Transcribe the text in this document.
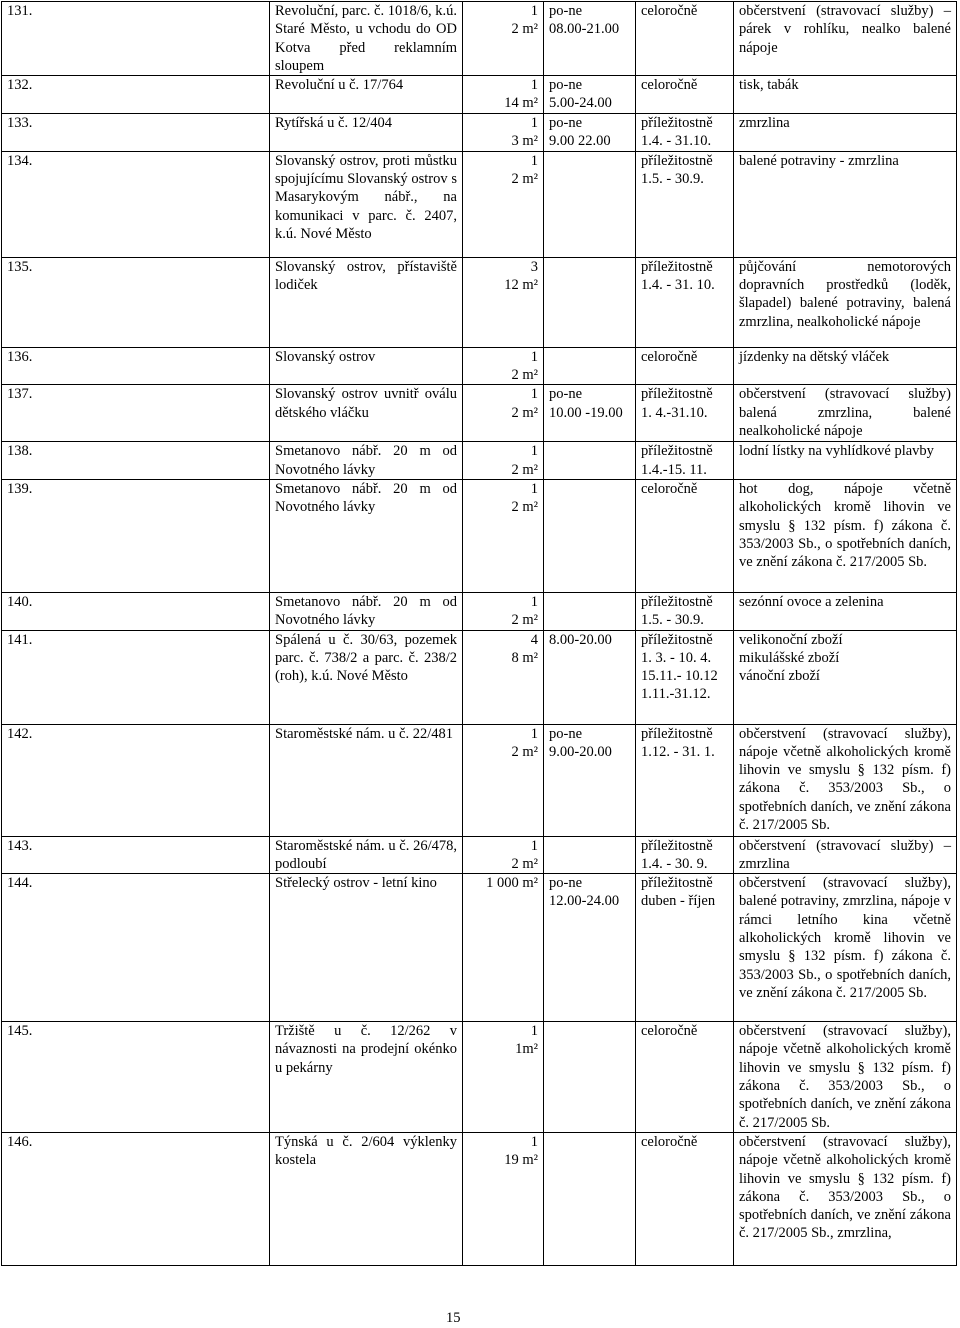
131.	Revoluční, parc. č. 1018/6, k.ú. Staré Město, u vchodu do OD Kotva před reklamním sloupem	1
2 m²	po-ne
08.00-21.00	celoročně	občerstvení (stravovací služby) – párek v rohlíku, nealko balené nápoje

132.	Revoluční u č. 17/764	1
14 m²	po-ne
5.00-24.00	celoročně	tisk, tabák

133.	Rytířská u č. 12/404	1
3 m²	po-ne
9.00 22.00	příležitostně
1.4. - 31.10.	zmrzlina

134.	Slovanský ostrov, proti můstku spojujícímu Slovanský ostrov s Masarykovým nábř., na komunikaci v parc. č. 2407, k.ú. Nové Město	1
2 m²		příležitostně
1.5. - 30.9.	balené potraviny - zmrzlina

135.	Slovanský ostrov, přístaviště lodiček	3
12 m²		příležitostně
1.4. - 31. 10.	půjčování nemotorových dopravních prostředků (loděk, šlapadel) balené potraviny, balená zmrzlina, nealkoholické nápoje

136.	Slovanský ostrov	1
2 m²		celoročně	jízdenky na dětský vláček

137.	Slovanský ostrov uvnitř oválu dětského vláčku	1
2 m²	po-ne
10.00 -19.00	příležitostně
1. 4.-31.10.	občerstvení (stravovací služby) balená zmrzlina, balené nealkoholické nápoje

138.	Smetanovo nábř. 20 m od Novotného lávky	1
2 m²		příležitostně
1.4.-15. 11.	lodní lístky na vyhlídkové plavby

139.	Smetanovo nábř. 20 m od Novotného lávky	1
2 m²		celoročně	hot dog, nápoje včetně alkoholických kromě lihovin ve smyslu § 132 písm. f) zákona č. 353/2003 Sb., o spotřebních daních, ve znění zákona č. 217/2005 Sb.

140.	Smetanovo nábř. 20 m od Novotného lávky	1
2 m²		příležitostně
1.5. - 30.9.	sezónní ovoce a zelenina

141.	Spálená u č. 30/63, pozemek parc. č. 738/2 a parc. č. 238/2 (roh), k.ú. Nové Město	4
8 m²	8.00-20.00	příležitostně
1. 3. - 10. 4.
15.11.- 10.12
1.11.-31.12.	velikonoční zboží
mikulášské zboží
vánoční zboží

142.	Staroměstské nám. u č. 22/481	1
2 m²	po-ne
9.00-20.00	příležitostně
1.12. - 31. 1.	občerstvení (stravovací služby), nápoje včetně alkoholických kromě lihovin ve smyslu § 132 písm. f) zákona č. 353/2003 Sb., o spotřebních daních, ve znění zákona č. 217/2005 Sb.

143.	Staroměstské nám. u č. 26/478, podloubí	1
2 m²		příležitostně
1.4. - 30. 9.	občerstvení (stravovací služby) – zmrzlina

144.	Střelecký ostrov - letní kino	1 000 m²	po-ne
12.00-24.00	příležitostně
duben - říjen	občerstvení (stravovací služby), balené potraviny, zmrzlina, nápoje v rámci letního kina včetně alkoholických kromě lihovin ve smyslu § 132 písm. f) zákona č. 353/2003 Sb., o spotřebních daních, ve znění zákona č. 217/2005 Sb.

145.	Tržiště u č. 12/262 v návaznosti na prodejní okénko u pekárny	1
1m²		celoročně	občerstvení (stravovací služby), nápoje včetně alkoholických kromě lihovin ve smyslu § 132 písm. f) zákona č. 353/2003 Sb., o spotřebních daních, ve znění zákona č. 217/2005 Sb.

146.	Týnská u č. 2/604 výklenky kostela	1
19 m²		celoročně	občerstvení (stravovací služby), nápoje včetně alkoholických kromě lihovin ve smyslu § 132 písm. f) zákona č. 353/2003 Sb., o spotřebních daních, ve znění zákona č. 217/2005 Sb., zmrzlina,
15
